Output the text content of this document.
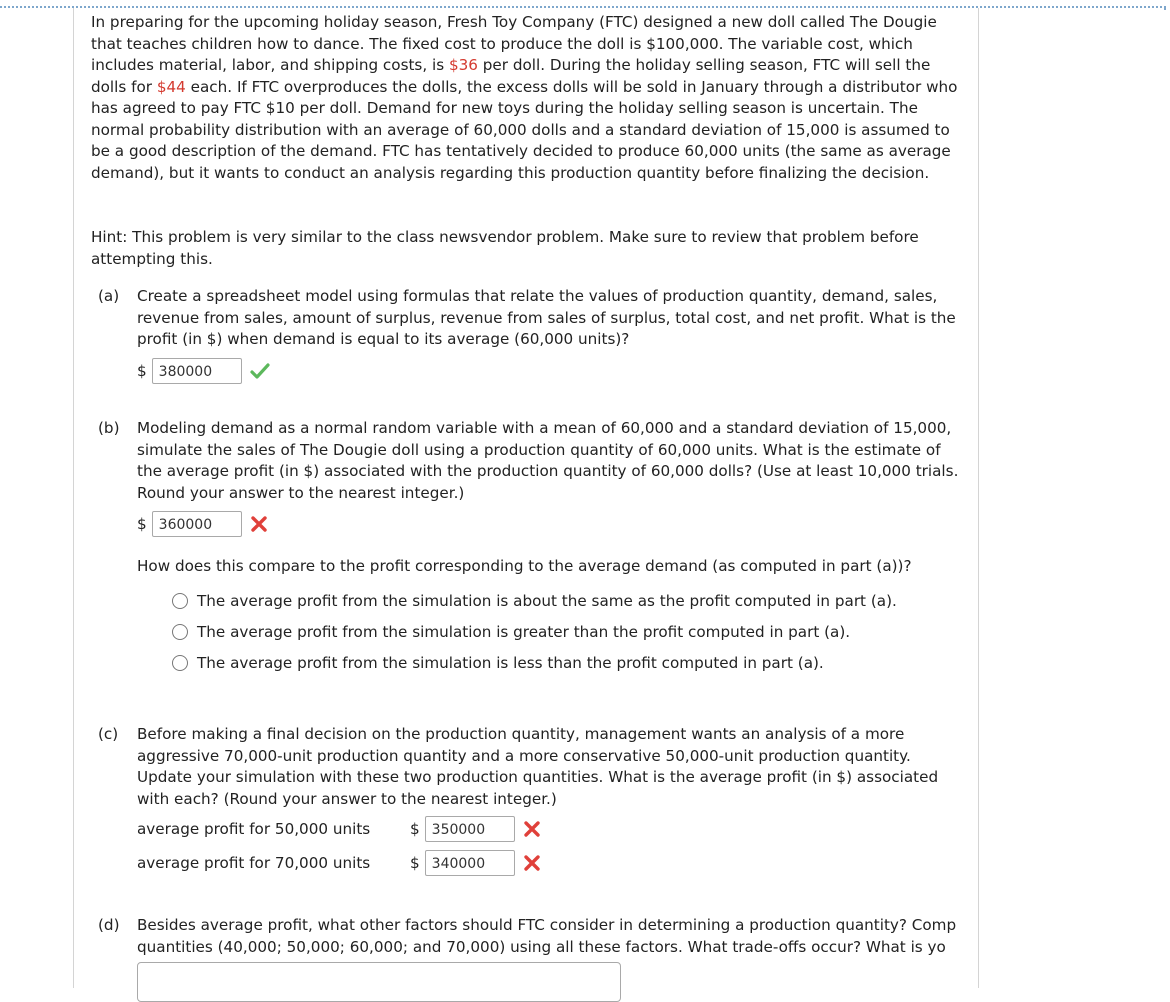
In preparing for the upcoming holiday season, Fresh Toy Company (FTC) designed a new doll called The Dougie that teaches children how to dance. The fixed cost to produce the doll is $100,000. The variable cost, which includes material, labor, and shipping costs, is $36 per doll. During the holiday selling season, FTC will sell the dolls for $44 each. If FTC overproduces the dolls, the excess dolls will be sold in January through a distributor who has agreed to pay FTC $10 per doll. Demand for new toys during the holiday selling season is uncertain. The normal probability distribution with an average of 60,000 dolls and a standard deviation of 15,000 is assumed to be a good description of the demand. FTC has tentatively decided to produce 60,000 units (the same as average demand), but it wants to conduct an analysis regarding this production quantity before finalizing the decision.

Hint: This problem is very similar to the class newsvendor problem. Make sure to review that problem before attempting this.

(a) Create a spreadsheet model using formulas that relate the values of production quantity, demand, sales, revenue from sales, amount of surplus, revenue from sales of surplus, total cost, and net profit. What is the profit (in $) when demand is equal to its average (60,000 units)?
$ 380000
(b) Modeling demand as a normal random variable with a mean of 60,000 and a standard deviation of 15,000, simulate the sales of The Dougie doll using a production quantity of 60,000 units. What is the estimate of the average profit (in $) associated with the production quantity of 60,000 dolls? (Use at least 10,000 trials. Round your answer to the nearest integer.)
$ 360000
How does this compare to the profit corresponding to the average demand (as computed in part (a))?
The average profit from the simulation is about the same as the profit computed in part (a).
The average profit from the simulation is greater than the profit computed in part (a).
The average profit from the simulation is less than the profit computed in part (a).
(c) Before making a final decision on the production quantity, management wants an analysis of a more aggressive 70,000-unit production quantity and a more conservative 50,000-unit production quantity. Update your simulation with these two production quantities. What is the average profit (in $) associated with each? (Round your answer to the nearest integer.)
average profit for 50,000 units	$ 350000
average profit for 70,000 units	$ 340000
(d) Besides average profit, what other factors should FTC consider in determining a production quantity? Comp quantities (40,000; 50,000; 60,000; and 70,000) using all these factors. What trade-offs occur? What is yo
